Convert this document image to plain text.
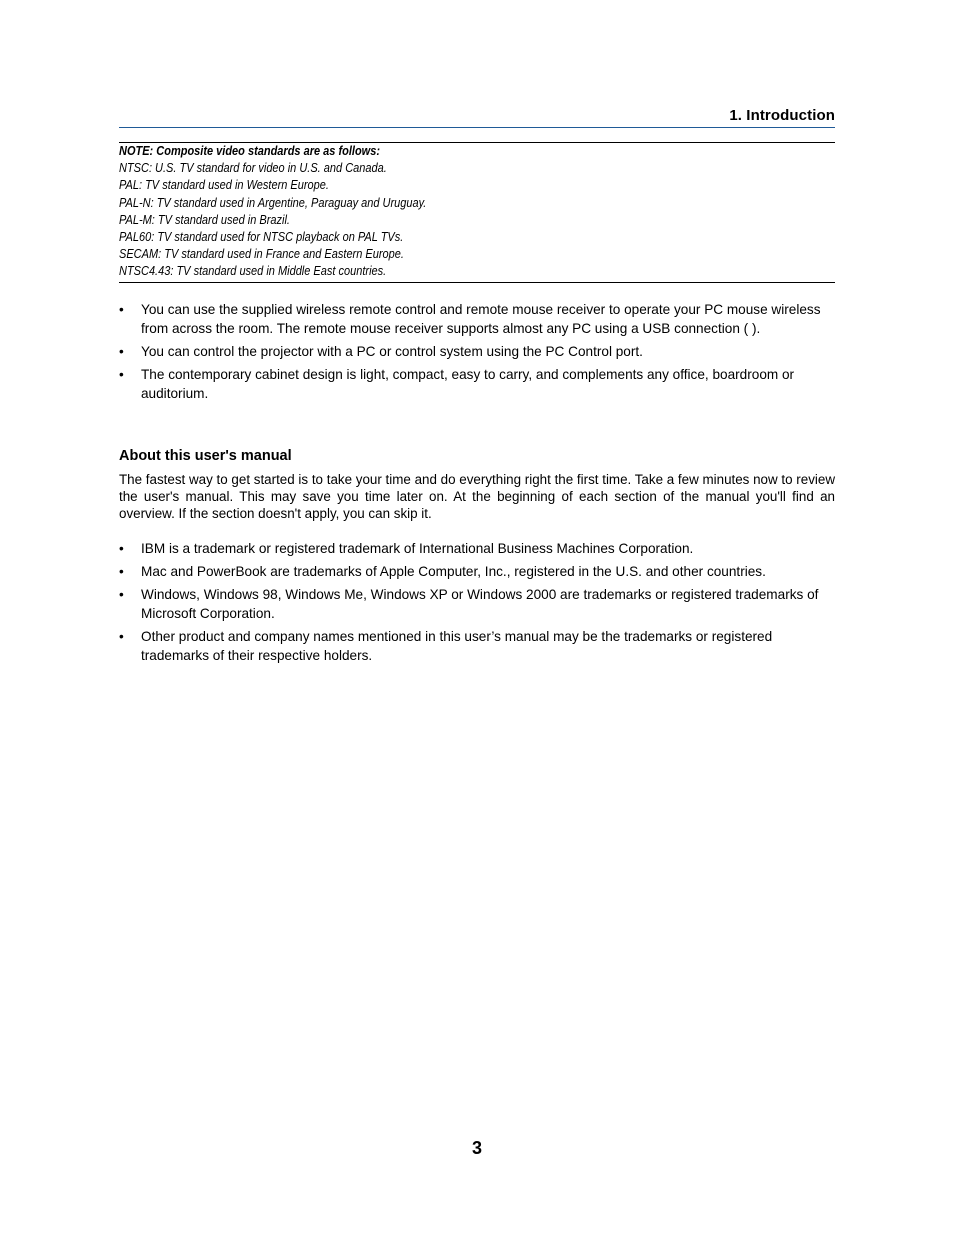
1. Introduction
NOTE: Composite video standards are as follows:
NTSC: U.S. TV standard for video in U.S. and Canada.
PAL: TV standard used in Western Europe.
PAL-N: TV standard used in Argentine, Paraguay and Uruguay.
PAL-M: TV standard used in Brazil.
PAL60: TV standard used for NTSC playback on PAL TVs.
SECAM: TV standard used in France and Eastern Europe.
NTSC4.43: TV standard used in Middle East countries.
• You can use the supplied wireless remote control and remote mouse receiver to operate your PC mouse wireless from across the room. The remote mouse receiver supports almost any PC using a USB connection ( ).
• You can control the projector with a PC or control system using the PC Control port.
• The contemporary cabinet design is light, compact, easy to carry, and complements any office, boardroom or auditorium.
About this user's manual
The fastest way to get started is to take your time and do everything right the first time. Take a few minutes now to review the user's manual. This may save you time later on. At the beginning of each section of the manual you'll find an overview. If the section doesn't apply, you can skip it.
• IBM is a trademark or registered trademark of International Business Machines Corporation.
• Mac and PowerBook are trademarks of Apple Computer, Inc., registered in the U.S. and other countries.
• Windows, Windows 98, Windows Me, Windows XP or Windows 2000 are trademarks or registered trademarks of Microsoft Corporation.
• Other product and company names mentioned in this user’s manual may be the trademarks or registered trademarks of their respective holders.
3
